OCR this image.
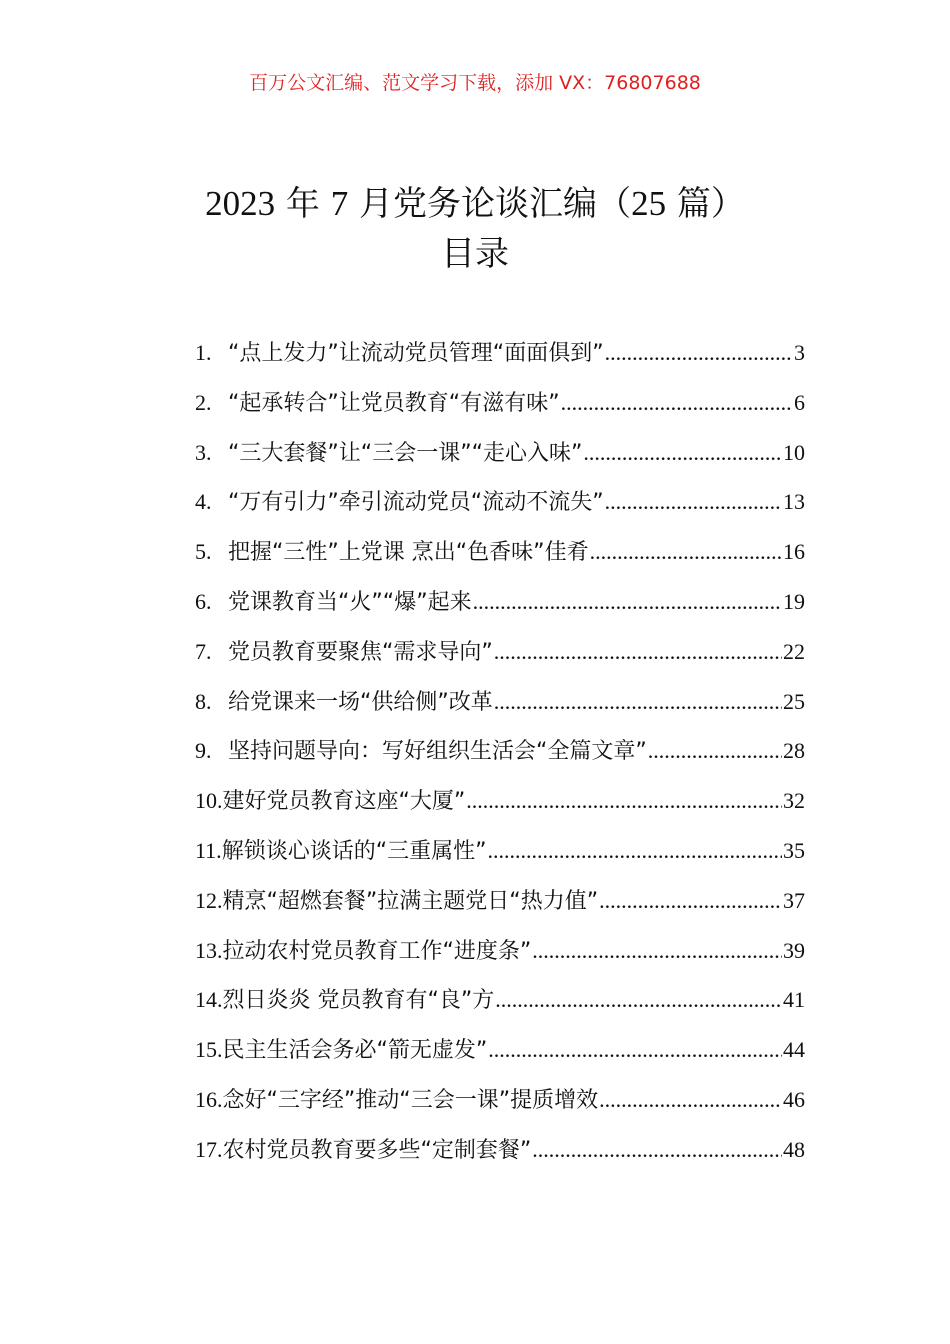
百万公文汇编、范文学习下载，添加 VX：76807688
2023 年 7 月党务论谈汇编（25 篇）
目录
1. “点上发力”让流动党员管理“面面俱到” .....	3
2. “起承转合”让党员教育“有滋有味” .....	6
3. “三大套餐”让“三会一课”“走心入味” .....	10
4. “万有引力”牵引流动党员“流动不流失” .....	13
5. 把握“三性”上党课 烹出“色香味”佳肴 .....	16
6. 党课教育当“火”“爆”起来 .....	19
7. 党员教育要聚焦“需求导向” .....	22
8. 给党课来一场“供给侧”改革 .....	25
9. 坚持问题导向：写好组织生活会“全篇文章” .....	28
10. 建好党员教育这座“大厦” .....	32
11. 解锁谈心谈话的“三重属性” .....	35
12. 精烹“超燃套餐”拉满主题党日“热力值” .....	37
13. 拉动农村党员教育工作“进度条” .....	39
14. 烈日炎炎 党员教育有“良”方 .....	41
15. 民主生活会务必“箭无虚发” .....	44
16. 念好“三字经”推动“三会一课”提质增效 .....	46
17. 农村党员教育要多些“定制套餐” .....	48
